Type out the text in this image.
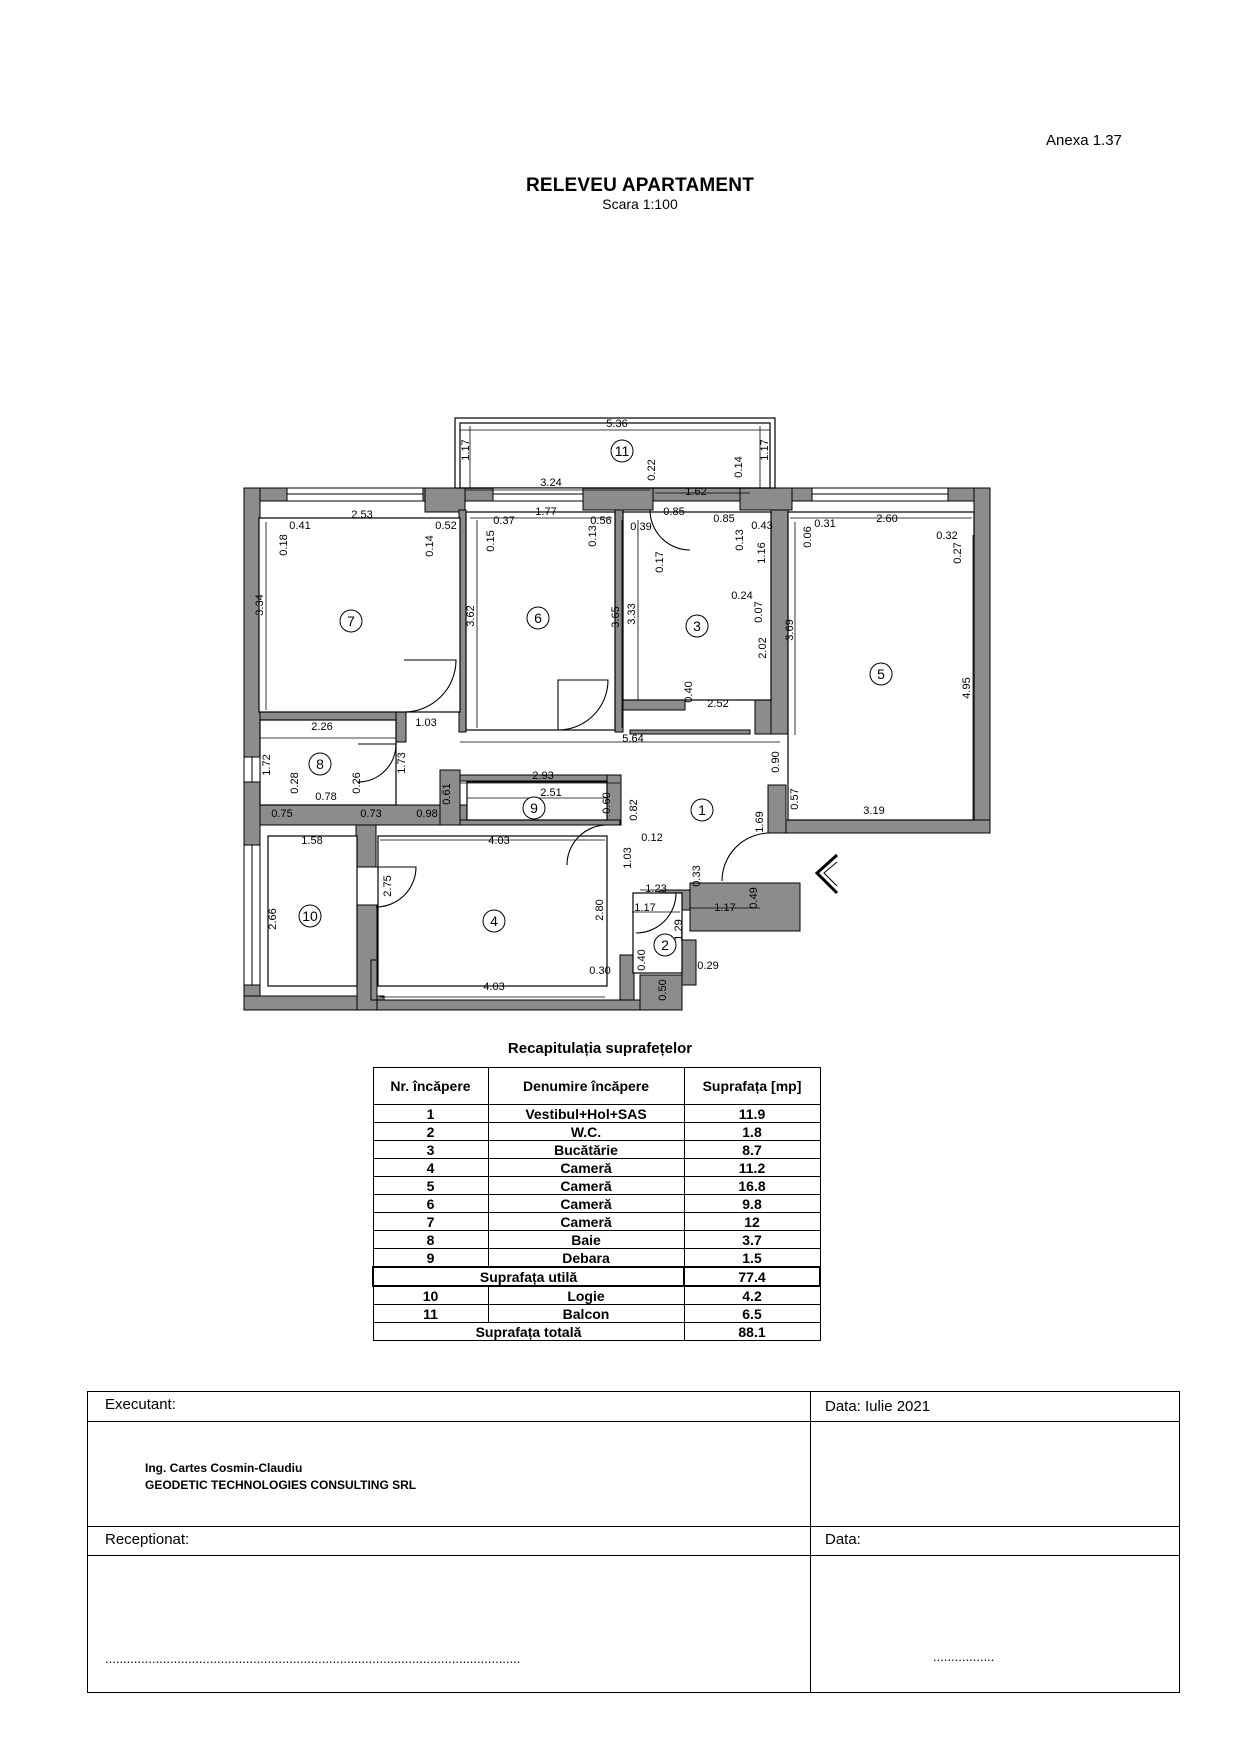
Anexa 1.37
RELEVEU APARTAMENT
Scara 1:100
7	6	3
5
8
9	1
10	4
2
11
5.36
1.17	1.17
3.24
0.22	0.14
1.62
2.53
0.41	0.52	0.37
1.77
0.56 0.39
0.85
0.85
0.43	0.31	2.60
0.32
0.18	0.14	0.15	0.13
0.17
0.13
1.16
0.06
0.27
3.34
3.62	3.65 3.33
0.24
0.07
3.69
2.02
4.95
0.40
2.52
1.03
5.64
2.26
1.72	1.73	0.90
2.93
2.51
0.28
0.78
0.26
0.61	0.60 0.82
0.57
3.19
0.75	0.73	0.98
0.12
1.58	4.03
1.69
1.03
2.75	1.23
0.33
0.49
2.66	2.80	1.17	1.17
1.29
0.40
0.30	0.29
4.03	0.50
Recapitulația suprafețelor
Nr. încăpere	Denumire încăpere	Suprafața [mp]
1	Vestibul+Hol+SAS	11.9
2	W.C.	1.8
3	Bucătărie	8.7
4	Cameră	11.2
5	Cameră	16.8
6	Cameră	9.8
7	Cameră	12
8	Baie	3.7
9	Debara	1.5
Suprafața utilă		77.4
10	Logie	4.2
11	Balcon	6.5
Suprafața totală		88.1
Executant:	Data: Iulie 2021

Ing. Cartes Cosmin-Claudiu
GEODETIC TECHNOLOGIES CONSULTING SRL	

Receptionat:	Data:

...................................................................................................................	.................
